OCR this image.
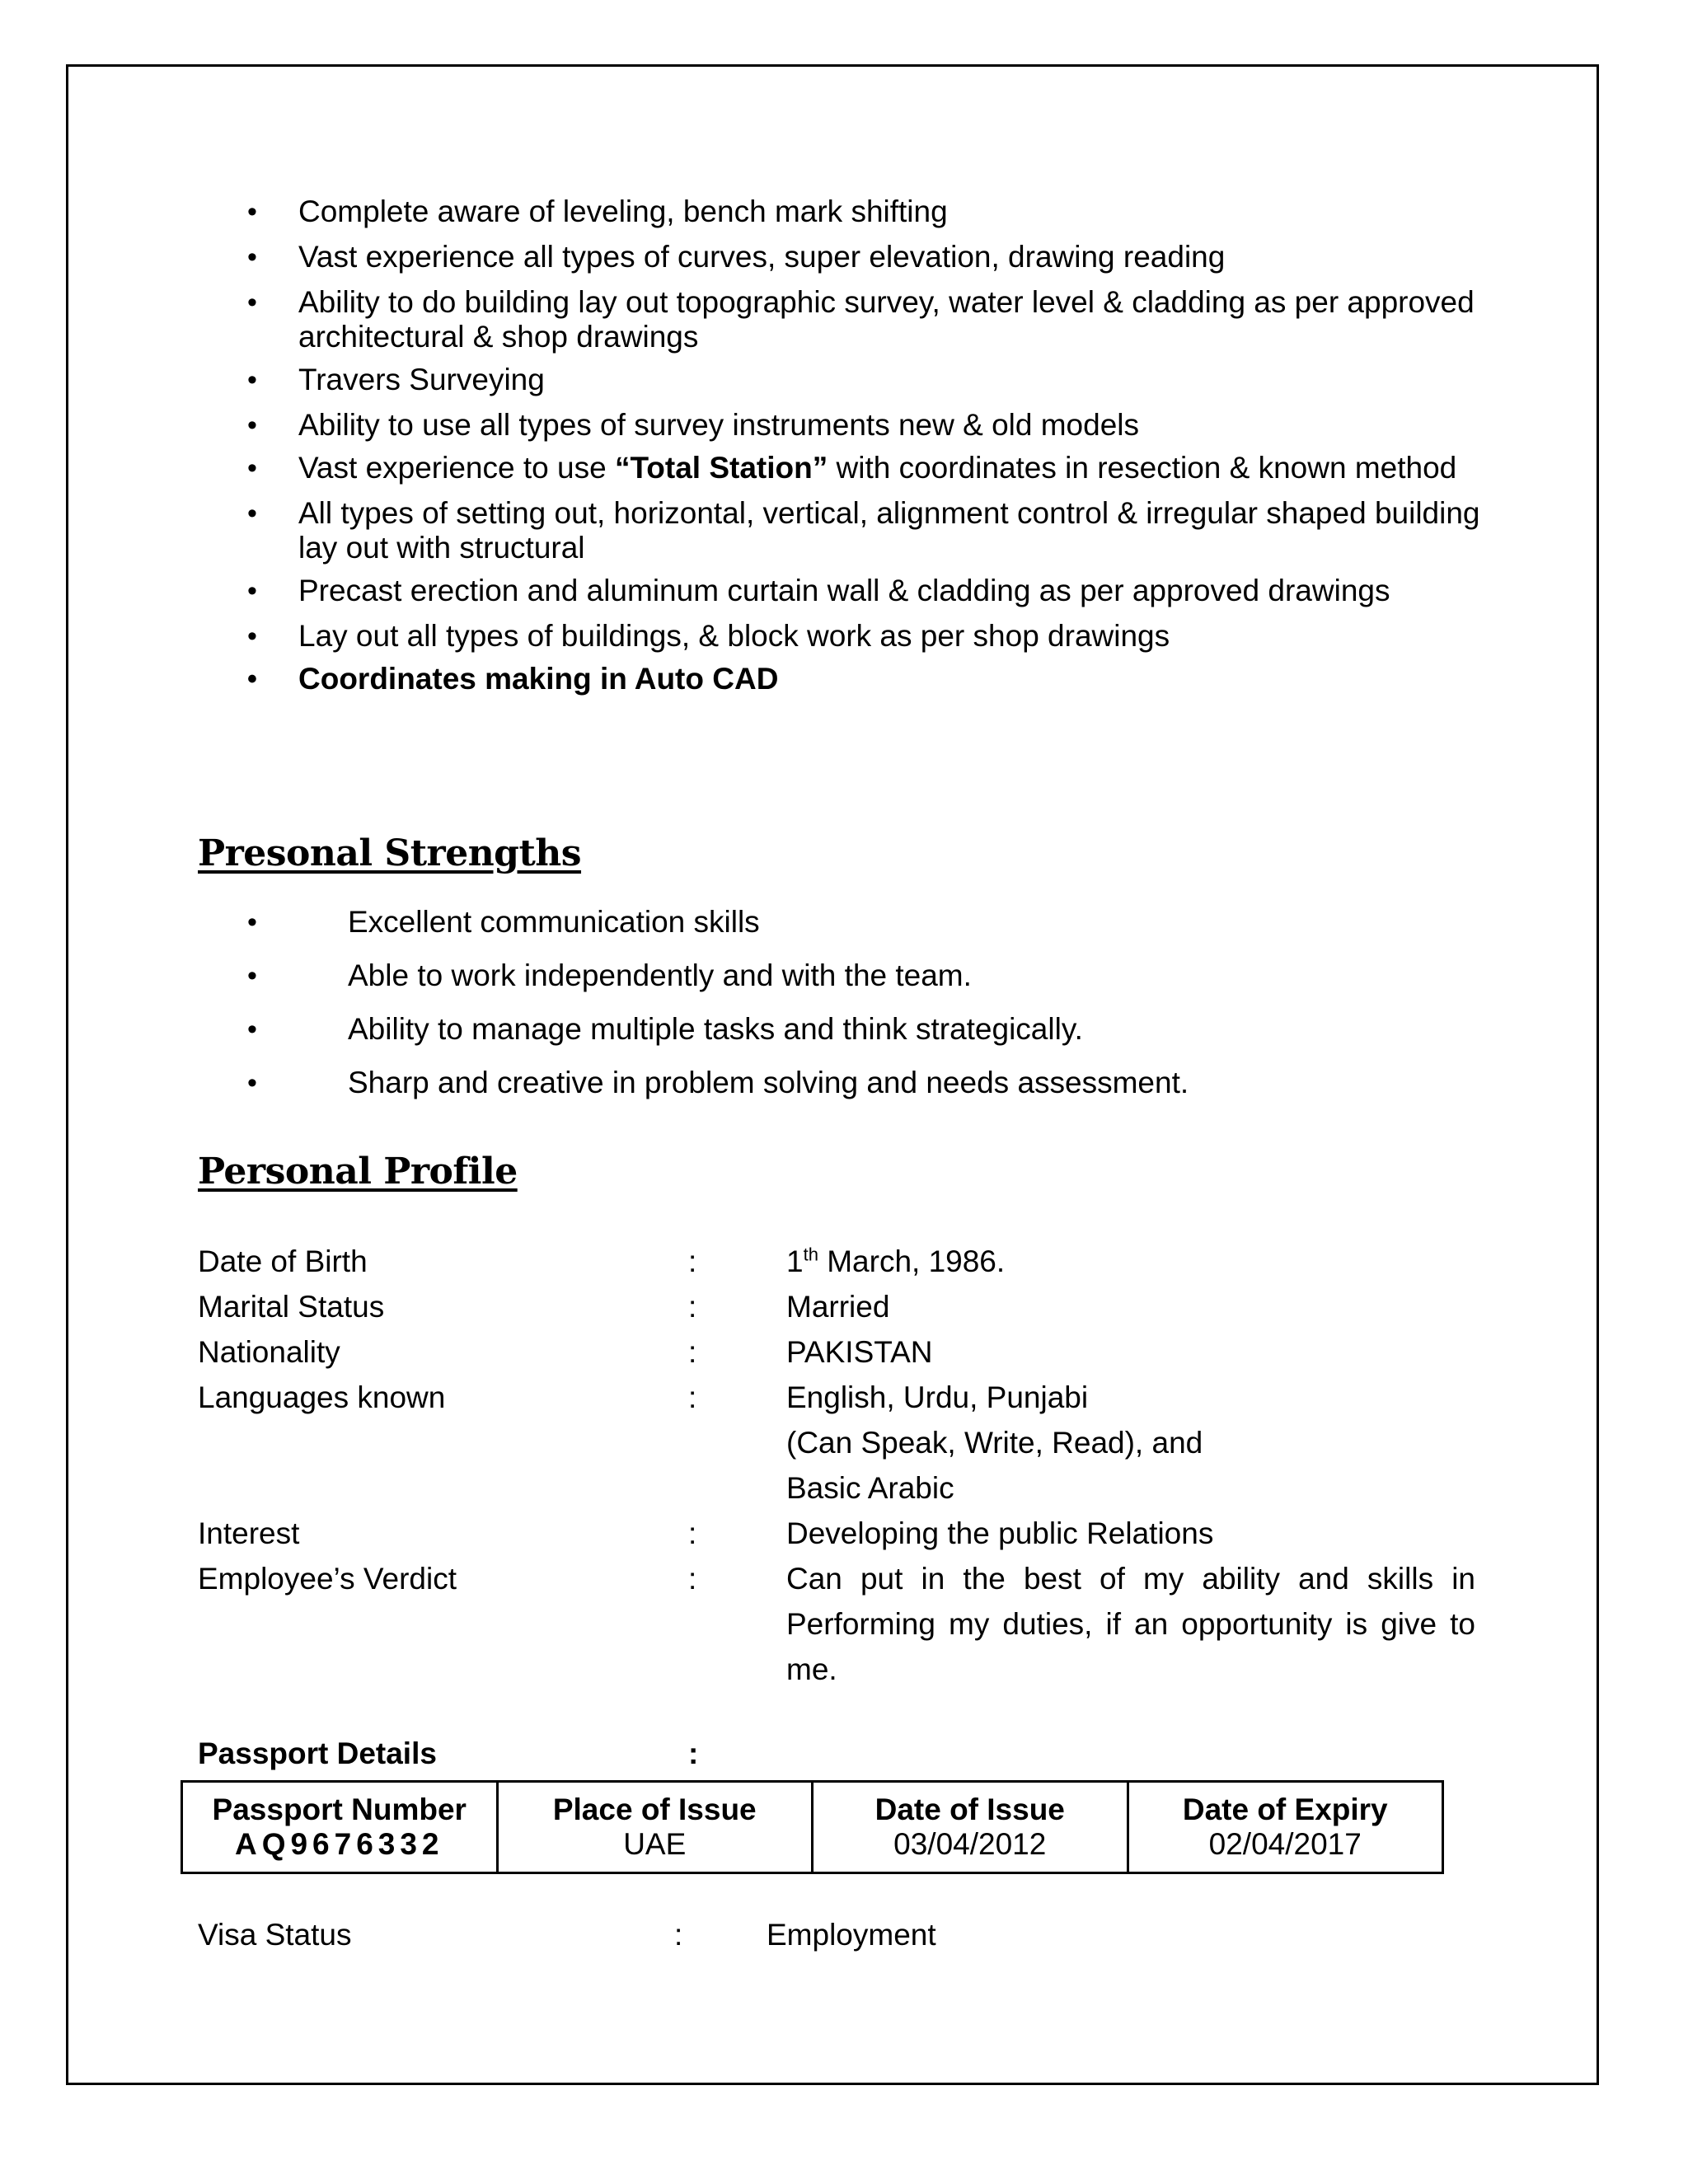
• Complete aware of leveling, bench mark shifting
• Vast experience all types of curves, super elevation, drawing reading
• Ability to do building lay out topographic survey, water level & cladding as per approved architectural & shop drawings
• Travers Surveying
• Ability to use all types of survey instruments new & old models
• Vast experience to use “Total Station” with coordinates in resection & known method
• All types of setting out, horizontal, vertical, alignment control & irregular shaped building lay out with structural
• Precast erection and aluminum curtain wall & cladding as per approved drawings
• Lay out all types of buildings, & block work as per shop drawings
• Coordinates making in Auto CAD
Presonal Strengths
• Excellent communication skills
• Able to work independently and with the team.
• Ability to manage multiple tasks and think strategically.
• Sharp and creative in problem solving and needs assessment.
Personal Profile
Date of Birth	:	1th March, 1986.
Marital Status	:	Married
Nationality	:	PAKISTAN
Languages known	:	English, Urdu, Punjabi
(Can Speak, Write, Read), and
Basic Arabic
Interest	:	Developing the public Relations
Employee’s Verdict	:	Can put in the best of my ability and skills in Performing my duties, if an opportunity is give to me.
Passport Details	:
Passport Number	Place of Issue	Date of Issue	Date of Expiry
AQ9676332	UAE	03/04/2012	02/04/2017
Visa Status	:	Employment
